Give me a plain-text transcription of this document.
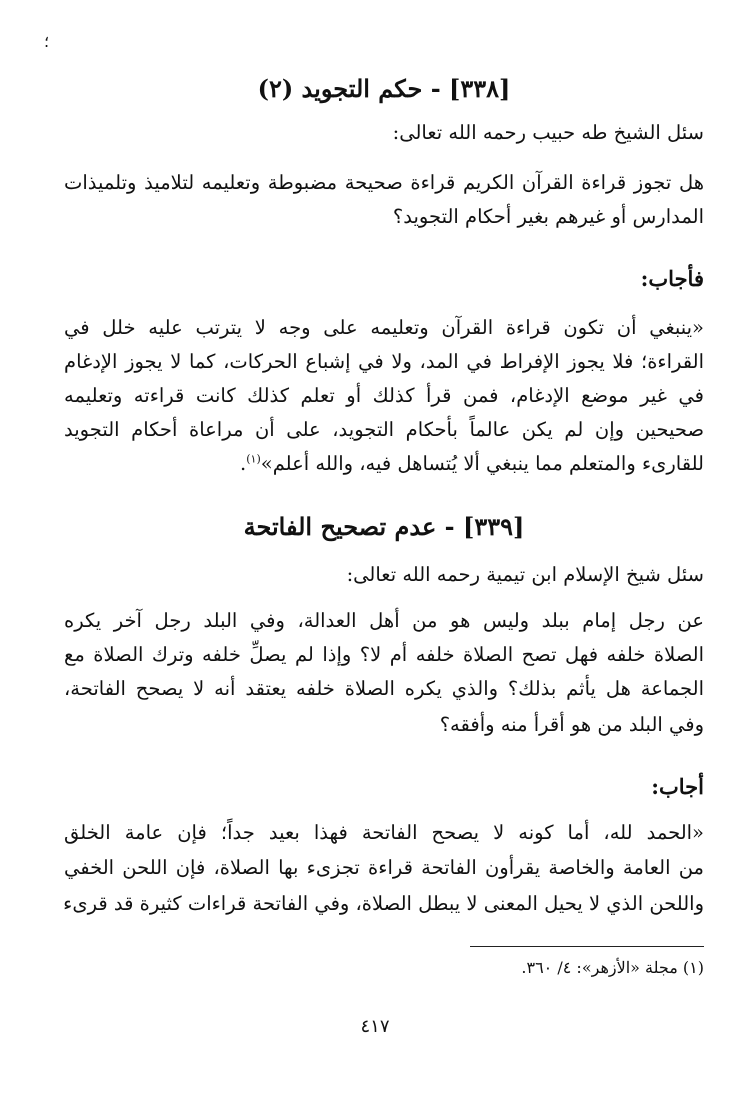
؛
[٣٣٨] - حكم التجويد (٢)
سئل الشيخ طه حبيب رحمه الله تعالى:
هل تجوز قراءة القرآن الكريم قراءة صحيحة مضبوطة وتعليمه لتلاميذ وتلميذات
المدارس أو غيرهم بغير أحكام التجويد؟
فأجاب:
«ينبغي أن تكون قراءة القرآن وتعليمه على وجه لا يترتب عليه خلل في
القراءة؛ فلا يجوز الإفراط في المد، ولا في إشباع الحركات، كما لا يجوز الإدغام
في غير موضع الإدغام، فمن قرأ كذلك أو تعلم كذلك كانت قراءته وتعليمه
صحيحين وإن لم يكن عالماً بأحكام التجويد، على أن مراعاة أحكام التجويد
للقارىء والمتعلم مما ينبغي ألا يُتساهل فيه، والله أعلم»$^{(١)}$.
[٣٣٩] - عدم تصحيح الفاتحة
سئل شيخ الإسلام ابن تيمية رحمه الله تعالى:
عن رجل إمام ببلد وليس هو من أهل العدالة، وفي البلد رجل آخر يكره
الصلاة خلفه فهل تصح الصلاة خلفه أم لا؟ وإذا لم يصلِّ خلفه وترك الصلاة مع
الجماعة هل يأثم بذلك؟ والذي يكره الصلاة خلفه يعتقد أنه لا يصحح الفاتحة،
وفي البلد من هو أقرأ منه وأفقه؟
أجاب:
«الحمد لله، أما كونه لا يصحح الفاتحة فهذا بعيد جداً؛ فإن عامة الخلق
من العامة والخاصة يقرأون الفاتحة قراءة تجزىء بها الصلاة، فإن اللحن الخفي
واللحن الذي لا يحيل المعنى لا يبطل الصلاة، وفي الفاتحة قراءات كثيرة قد قرىء
(١) مجلة «الأزهر»: ٤/ ٣٦٠.
٤١٧
